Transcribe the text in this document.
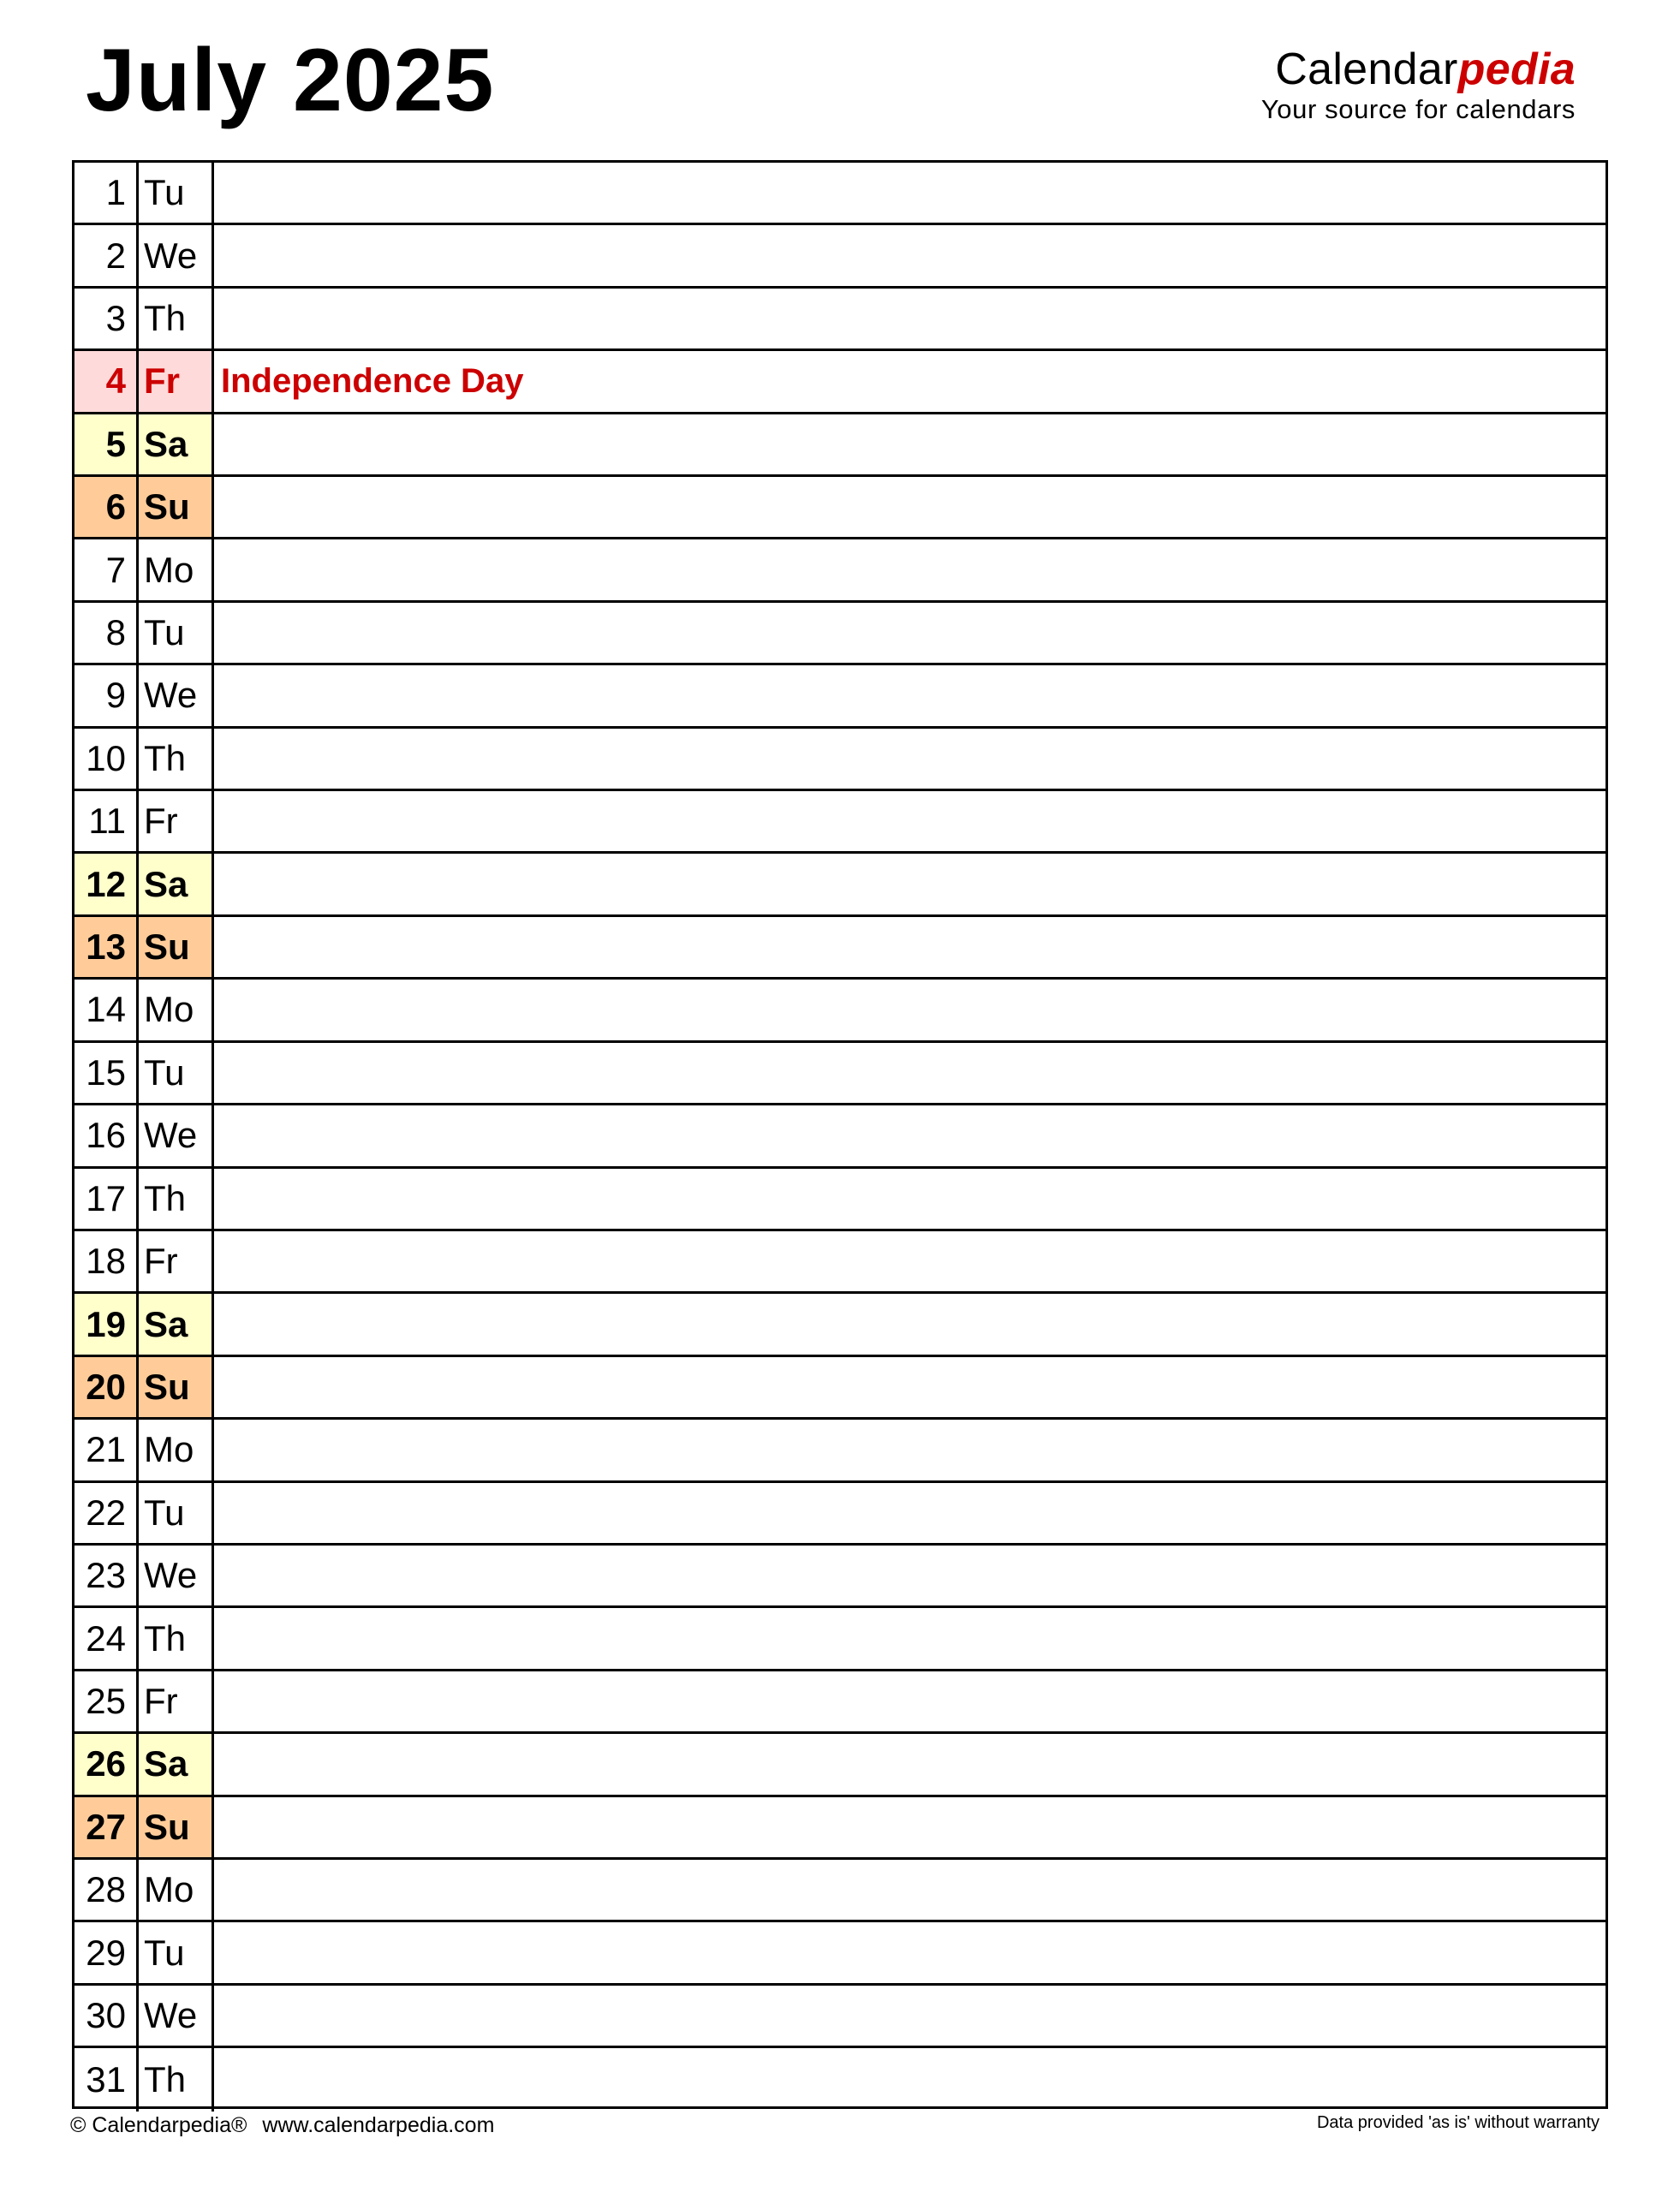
July 2025	Calendarpedia
Your source for calendars
1 Tu
2 We
3 Th
4 Fr	Independence Day
5 Sa
6 Su
7 Mo
8 Tu
9 We
10 Th
11 Fr
12 Sa
13 Su
14 Mo
15 Tu
16 We
17 Th
18 Fr
19 Sa
20 Su
21 Mo
22 Tu
23 We
24 Th
25 Fr
26 Sa
27 Su
28 Mo
29 Tu
30 We
31 Th
© Calendarpedia® www.calendarpedia.com	Data provided 'as is' without warranty
